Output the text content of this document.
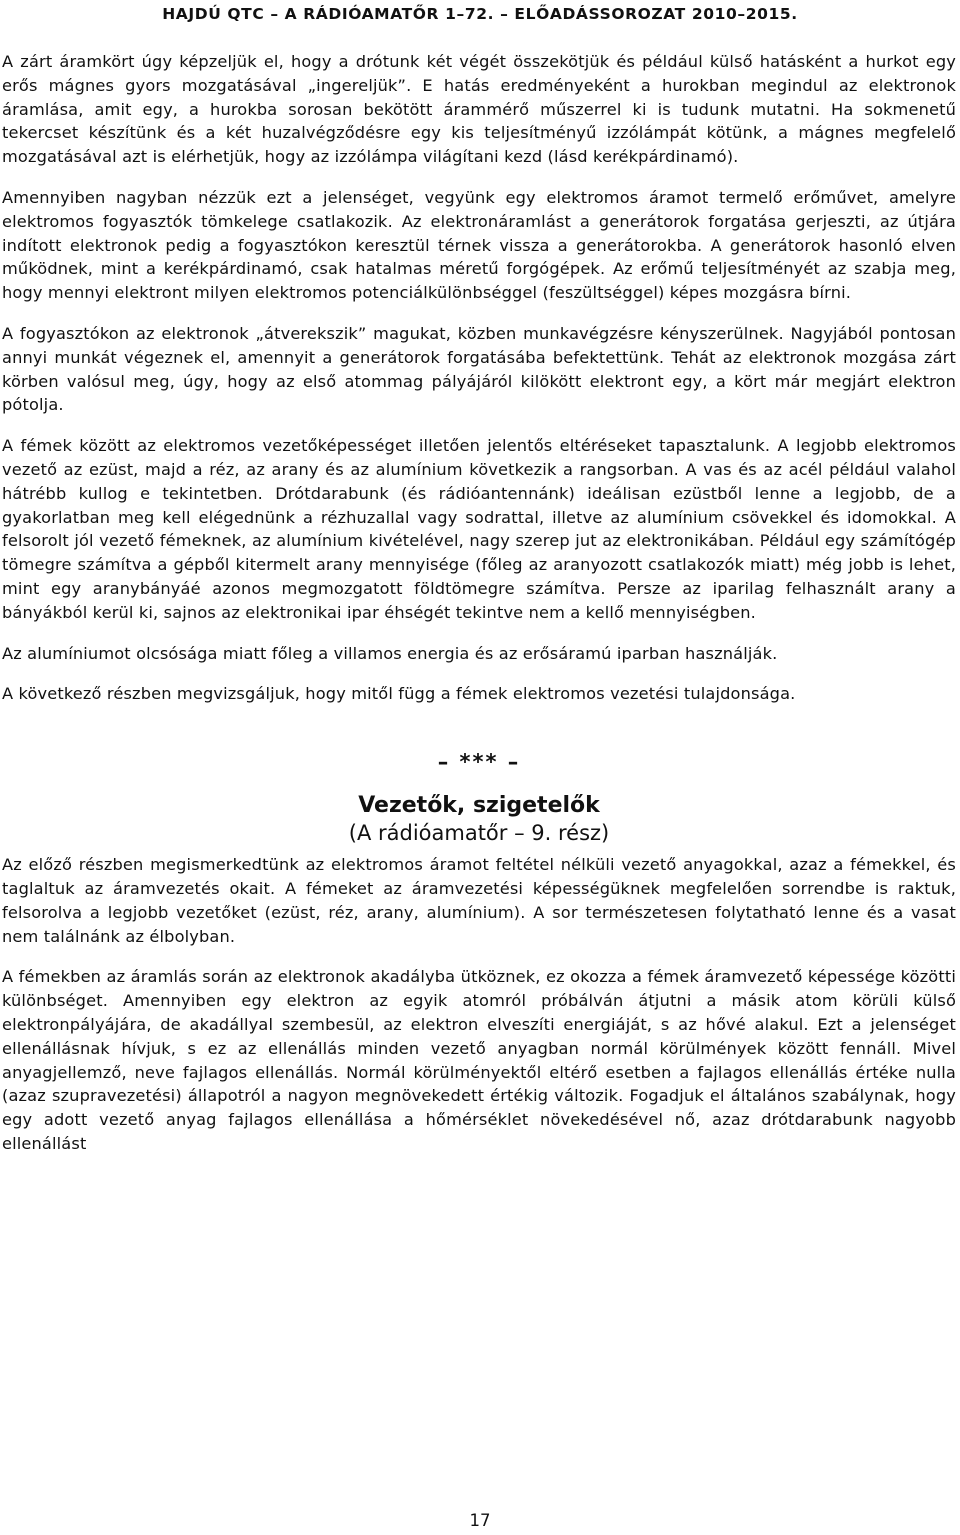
HAJDÚ QTC – A RÁDIÓAMATŐR 1–72. – ELŐADÁSSOROZAT 2010–2015.

A zárt áramkört úgy képzeljük el, hogy a drótunk két végét összekötjük és például külső hatásként a hurkot egy erős mágnes gyors mozgatásával „ingereljük”. E hatás eredményeként a hurokban megindul az elektronok áramlása, amit egy, a hurokba sorosan bekötött árammérő műszerrel ki is tudunk mutatni. Ha sokmenetű tekercset készítünk és a két huzalvégződésre egy kis teljesítményű izzólámpát kötünk, a mágnes megfelelő mozgatásával azt is elérhetjük, hogy az izzólámpa világítani kezd (lásd kerékpárdinamó).

Amennyiben nagyban nézzük ezt a jelenséget, vegyünk egy elektromos áramot termelő erőművet, amelyre elektromos fogyasztók tömkelege csatlakozik. Az elektronáramlást a generátorok forgatása gerjeszti, az útjára indított elektronok pedig a fogyasztókon keresztül térnek vissza a generátorokba. A generátorok hasonló elven működnek, mint a kerékpárdinamó, csak hatalmas méretű forgógépek. Az erőmű teljesítményét az szabja meg, hogy mennyi elektront milyen elektromos potenciálkülönbséggel (feszültséggel) képes mozgásra bírni.

A fogyasztókon az elektronok „átverekszik” magukat, közben munkavégzésre kényszerülnek. Nagyjából pontosan annyi munkát végeznek el, amennyit a generátorok forgatásába befektettünk. Tehát az elektronok mozgása zárt körben valósul meg, úgy, hogy az első atommag pályájáról kilökött elektront egy, a kört már megjárt elektron pótolja.

A fémek között az elektromos vezetőképességet illetően jelentős eltéréseket tapasztalunk. A legjobb elektromos vezető az ezüst, majd a réz, az arany és az alumínium következik a rangsorban. A vas és az acél például valahol hátrébb kullog e tekintetben. Drótdarabunk (és rádióantennánk) ideálisan ezüstből lenne a legjobb, de a gyakorlatban meg kell elégednünk a rézhuzallal vagy sodrattal, illetve az alumínium csövekkel és idomokkal. A felsorolt jól vezető fémeknek, az alumínium kivételével, nagy szerep jut az elektronikában. Például egy számítógép tömegre számítva a gépből kitermelt arany mennyisége (főleg az aranyozott csatlakozók miatt) még jobb is lehet, mint egy aranybányáé azonos megmozgatott földtömegre számítva. Persze az iparilag felhasznált arany a bányákból kerül ki, sajnos az elektronikai ipar éhségét tekintve nem a kellő mennyiségben.

Az alumíniumot olcsósága miatt főleg a villamos energia és az erősáramú iparban használják.

A következő részben megvizsgáljuk, hogy mitől függ a fémek elektromos vezetési tulajdonsága.

– *** –
Vezetők, szigetelők
(A rádióamatőr – 9. rész)

Az előző részben megismerkedtünk az elektromos áramot feltétel nélküli vezető anyagokkal, azaz a fémekkel, és taglaltuk az áramvezetés okait. A fémeket az áramvezetési képességüknek megfelelően sorrendbe is raktuk, felsorolva a legjobb vezetőket (ezüst, réz, arany, alumínium). A sor természetesen folytatható lenne és a vasat nem találnánk az élbolyban.

A fémekben az áramlás során az elektronok akadályba ütköznek, ez okozza a fémek áramvezető képessége közötti különbséget. Amennyiben egy elektron az egyik atomról próbálván átjutni a másik atom körüli külső elektronpályájára, de akadállyal szembesül, az elektron elveszíti energiáját, s az hővé alakul. Ezt a jelenséget ellenállásnak hívjuk, s ez az ellenállás minden vezető anyagban normál körülmények között fennáll. Mivel anyagjellemző, neve fajlagos ellenállás. Normál körülményektől eltérő esetben a fajlagos ellenállás értéke nulla (azaz szupravezetési) állapotról a nagyon megnövekedett értékig változik. Fogadjuk el általános szabálynak, hogy egy adott vezető anyag fajlagos ellenállása a hőmérséklet növekedésével nő, azaz drótdarabunk nagyobb ellenállást

17
